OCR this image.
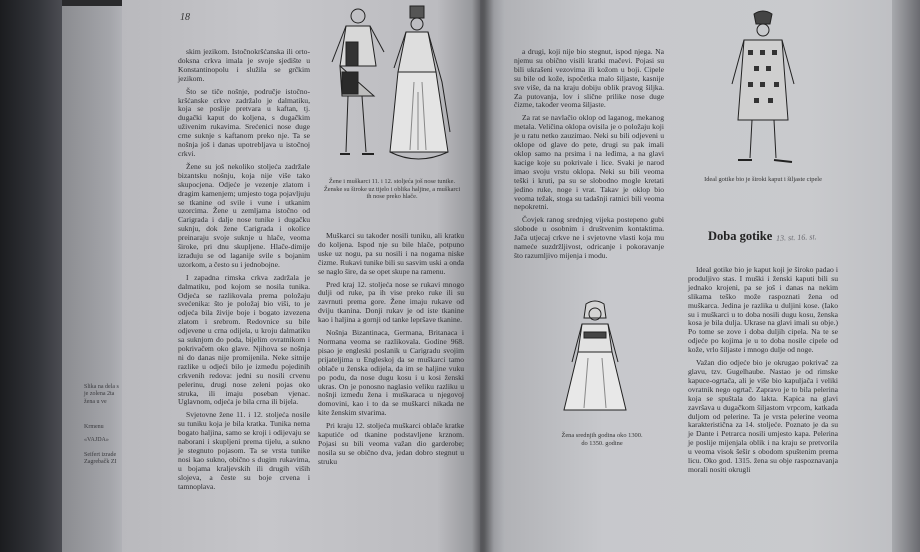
Slika na dela s je zolena 2ta žena u ve
Krmenu
«VAJDA»
Seifert izrade Zagrebačk ZI
18

skim jezikom. Istočnokršćanska ili orto-doksna crkva imala je svoje sjedište u Konstantinopolu i služila se grčkim jezikom.

Što se tiče nošnje, područje istočno-kršćanske crkve zadržalo je dalmatiku, koja se poslije pretvara u kaftan, tj. dugački kaput do koljena, s dugačkim uživenim rukavima. Srećenici nose duge crne suknje s kaftanom preko nje. Ta se nošnja još i danas upotrebljava u istočnoj crkvi.

Žene su još nekoliko stoljeća zadržale bizantsku nošnju, koja nije više tako skupocjena. Odjeće je vezenje zlatom i dragim kamenjem; umjesto toga pojavljuju se tkanine od svile i vune i utkanim uzorcima. Žene u zemljama istočno od Carigrada i dalje nose tunike i dugačku suknju, dok žene Carigrada i okolice preinaraju svoje suknje u hlače, veoma široke, pri dnu skupljene. Hlače-dimije izrađuju se od laganije svile s bojanim uzorkom, a često su i jednobojne.

I zapadna rimska crkva zadržala je dalmatiku, pod kojom se nosila tunika. Odjeća se razlikovala prema položaju svećenika: što je položaj bio viši, to je odjeća bila živije boje i bogato izvezena zlatom i srebrom. Redovnice su bile odjevene u crna odijela, u kroju dalmatiku sa suknjom do poda, bijelim ovratnikom i pokrivačem oko glave. Njihova se nošnja ni do danas nije promijenila. Neke sitnije razlike u odjeći bilo je između pojedinih crkvenih redova: jedni su nosili crvenu pelerinu, drugi nose zeleni pojas oko struka, ili imaju poseban vjenac. Uglavnom, odjeća je bila crna ili bijela.

Svjetovne žene 11. i 12. stoljeća nosile su tuniku koja je bila kratka. Tunika nema bogato haljina, samo se kroji i odijevaju se naborani i skupljeni prema tijelu, a sukno je stegnuto pojasom. Ta se vrsta tunike nosi kao sukno, obično s dugim rukavima, u bojama kraljevskih ili drugih viših slojeva, a česte su boje crvena i tamnoplava.

Žene i muškarci 11. i 12. stoljeća još nose tunike. Ženske su široke uz tijelo i oblika haljine, a muškarci ih nose preko hlače.

Muškarci su također nosili tuniku, ali kratku do koljena. Ispod nje su bile hlače, potpuno uske uz nogu, pa su nosili i na nogama niske čizme. Rukavi tunike bili su sasvim uski a onda se naglo šire, da se opet skupe na ramenu.

Pred kraj 12. stoljeća nose se rukavi mnogo dulji od ruke, pa ih vise preko ruke ili su zavrnuti prema gore. Žene imaju rukave od dviju tkanina. Donji rukav je od iste tkanine kao i haljina a gornji od tanke lepršave tkanine.

Nošnja Bizantinaca, Germana, Britanaca i Normana veoma se razlikovala. Godine 968. pisao je engleski poslanik u Carigradu svojim prijateljima u Engleskoj da se muškarci tamo oblače u ženska odijela, da im se haljine vuku po podu, da nose dugu kosu i u kosi ženski ukras. On je ponosno naglasio veliku razliku u nošnji između žena i muškaraca u njegovoj domovini, kao i to da se muškarci nikada ne kite ženskim stvarima.

Pri kraju 12. stoljeća muškarci oblače kratke kaputiće od tkanine podstavljene krznom. Pojasi su bili veoma važan dio garderobe; nosila su se obično dva, jedan dobro stegnut u struku

a drugi, koji nije bio stegnut, ispod njega. Na njemu su obično visili kratki mačevi. Pojasi su bili ukrašeni vezovima ili kožom u boji. Cipele su bile od kože, ispočetka malo šiljaste, kasnije sve više, da na kraju dobiju oblik pravog šiljka. Za putovanja, lov i slične prilike nose duge čizme, također veoma šiljaste.

Za rat se navlačio oklop od laganog, mekanog metala. Veličina oklopa ovisila je o položaju koji je u ratu netko zauzimao. Neki su bili odjeveni u oklope od glave do pete, drugi su pak imali oklop samo na prsima i na leđima, a na glavi kacige koje su pokrivale i lice. Svaki je narod imao svoju vrstu oklopa. Neki su bili veoma teški i kruti, pa su se slobodno mogle kretati jedino ruke, noge i vrat. Takav je oklop bio veoma težak, stoga su tadašnji ratnici bili veoma nepokretni.

Čovjek ranog srednjeg vijeka postepeno gubi slobode u osobnim i društvenim kontaktima. Jača utjecaj crkve ne i svjetovne vlasti koja mu nameće suzdržljivost, odricanje i pokoravanje što razumljivo mijenja i modu.

Žena srednjih godina oko 1300. do 1350. godine
Ideal gotike bio je široki kaput i šiljaste cipele
Doba gotike 13. st. 16. st.

Ideal gotike bio je kaput koji je široko padao i produljivo stas. I muški i ženski kaputi bili su jednako krojeni, pa se još i danas na nekim slikama teško može raspoznati žena od muškarca. Jedina je razlika u duljini kose. (Iako su i muškarci u to doba nosili dugu kosu, ženska kosa je bila dulja. Ukrase na glavi imali su obje.) Po tome se zove i doba duljih cipela. Na te se odjeće po kojima je u to doba nosile cipele od kože, vrlo šiljaste i mnogo dulje od noge.

Važan dio odjeće bio je okrugao pokrivač za glavu, tzv. Gugelhaube. Nastao je od rimske kapuce-ogrtača, ali je više bio kapuljača i veliki ovratnik nego ogrtač. Zapravo je to bila pelerina koja se spuštala do lakta. Kapica na glavi završava u dugačkom šiljastom vrpcom, katkada duljom od pelerine. Ta je vrsta pelerine veoma karakteristična za 14. stoljeće. Poznato je da su je Dante i Petrarca nosili umjesto kapa. Pelerina je poslije mijenjala oblik i na kraju se pretvorila u veoma visok šešir s obodom spuštenim prema licu. Oko god. 1315. žena su obje raspoznavanja morali nositi okrugli
